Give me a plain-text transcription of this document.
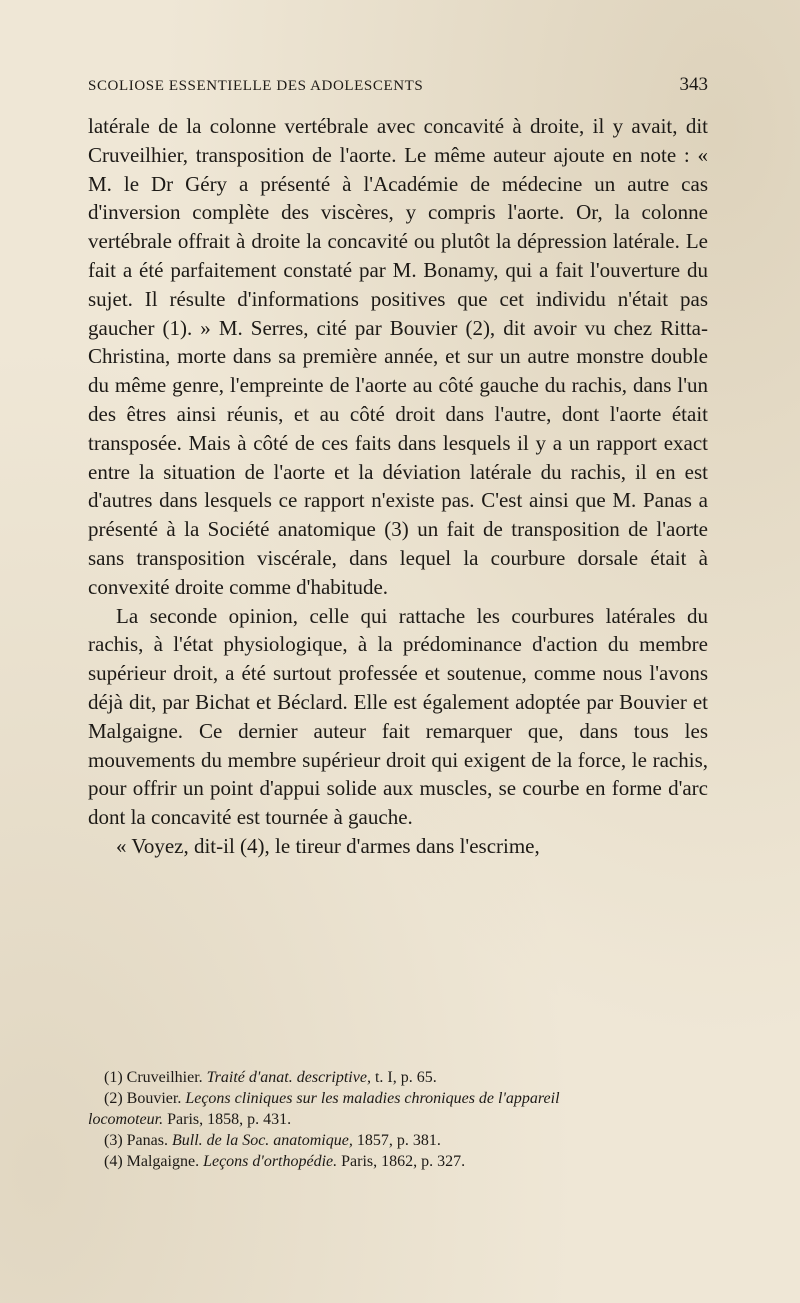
SCOLIOSE ESSENTIELLE DES ADOLESCENTS	343

latérale de la colonne vertébrale avec concavité à droite, il y avait, dit Cruveilhier, transposition de l'aorte. Le même auteur ajoute en note : « M. le Dr Géry a présenté à l'Académie de médecine un autre cas d'inversion complète des viscères, y compris l'aorte. Or, la colonne vertébrale offrait à droite la concavité ou plutôt la dépression latérale. Le fait a été parfaitement constaté par M. Bonamy, qui a fait l'ouverture du sujet. Il résulte d'informations positives que cet individu n'était pas gaucher (1). » M. Serres, cité par Bouvier (2), dit avoir vu chez Ritta-Christina, morte dans sa première année, et sur un autre monstre double du même genre, l'empreinte de l'aorte au côté gauche du rachis, dans l'un des êtres ainsi réunis, et au côté droit dans l'autre, dont l'aorte était transposée. Mais à côté de ces faits dans lesquels il y a un rapport exact entre la situation de l'aorte et la déviation latérale du rachis, il en est d'autres dans lesquels ce rapport n'existe pas. C'est ainsi que M. Panas a présenté à la Société anatomique (3) un fait de transposition de l'aorte sans transposition viscérale, dans lequel la courbure dorsale était à convexité droite comme d'habitude.

La seconde opinion, celle qui rattache les courbures latérales du rachis, à l'état physiologique, à la prédominance d'action du membre supérieur droit, a été surtout professée et soutenue, comme nous l'avons déjà dit, par Bichat et Béclard. Elle est également adoptée par Bouvier et Malgaigne. Ce dernier auteur fait remarquer que, dans tous les mouvements du membre supérieur droit qui exigent de la force, le rachis, pour offrir un point d'appui solide aux muscles, se courbe en forme d'arc dont la concavité est tournée à gauche.

« Voyez, dit-il (4), le tireur d'armes dans l'escrime,

(1) Cruveilhier. Traité d'anat. descriptive, t. I, p. 65.

(2) Bouvier. Leçons cliniques sur les maladies chroniques de l'appareil

locomoteur. Paris, 1858, p. 431.

(3) Panas. Bull. de la Soc. anatomique, 1857, p. 381.

(4) Malgaigne. Leçons d'orthopédie. Paris, 1862, p. 327.
